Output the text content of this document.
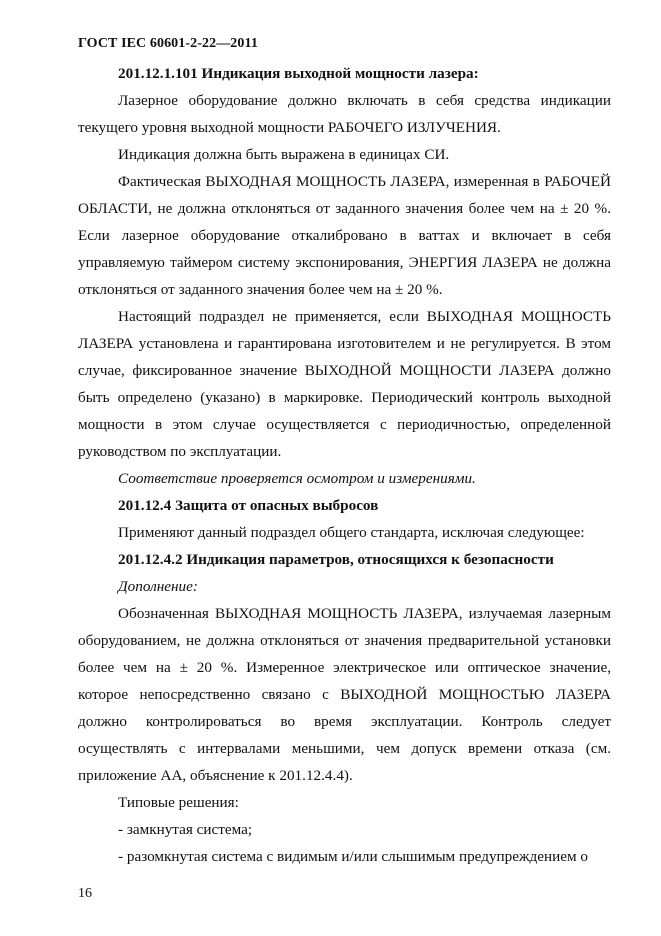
ГОСТ IEC 60601-2-22—2011

201.12.1.101 Индикация выходной мощности лазера:

Лазерное оборудование должно включать в себя средства индикации текущего уровня выходной мощности РАБОЧЕГО ИЗЛУЧЕНИЯ.

Индикация должна быть выражена в единицах СИ.

Фактическая ВЫХОДНАЯ МОЩНОСТЬ ЛАЗЕРА, измеренная в РАБОЧЕЙ ОБЛАСТИ, не должна отклоняться от заданного значения более чем на ± 20 %. Если лазерное оборудование откалибровано в ваттах и включает в себя управляемую таймером систему экспонирования, ЭНЕРГИЯ ЛАЗЕРА не должна отклоняться от заданного значения более чем на ± 20 %.

Настоящий подраздел не применяется, если ВЫХОДНАЯ МОЩНОСТЬ ЛАЗЕРА установлена и гарантирована изготовителем и не регулируется. В этом случае, фиксированное значение ВЫХОДНОЙ МОЩНОСТИ ЛАЗЕРА должно быть определено (указано) в маркировке. Периодический контроль выходной мощности в этом случае осуществляется с периодичностью, определенной руководством по эксплуатации.

Соответствие проверяется осмотром и измерениями.

201.12.4 Защита от опасных выбросов

Применяют данный подраздел общего стандарта, исключая следующее:

201.12.4.2 Индикация параметров, относящихся к безопасности

Дополнение:

Обозначенная ВЫХОДНАЯ МОЩНОСТЬ ЛАЗЕРА, излучаемая лазерным оборудованием, не должна отклоняться от значения предварительной установки более чем на ± 20 %. Измеренное электрическое или оптическое значение, которое непосредственно связано с ВЫХОДНОЙ МОЩНОСТЬЮ ЛАЗЕРА должно контролироваться во время эксплуатации. Контроль следует осуществлять с интервалами меньшими, чем допуск времени отказа (см. приложение АА, объяснение к 201.12.4.4).

Типовые решения:

- замкнутая система;

- разомкнутая система с видимым и/или слышимым предупреждением о

16
